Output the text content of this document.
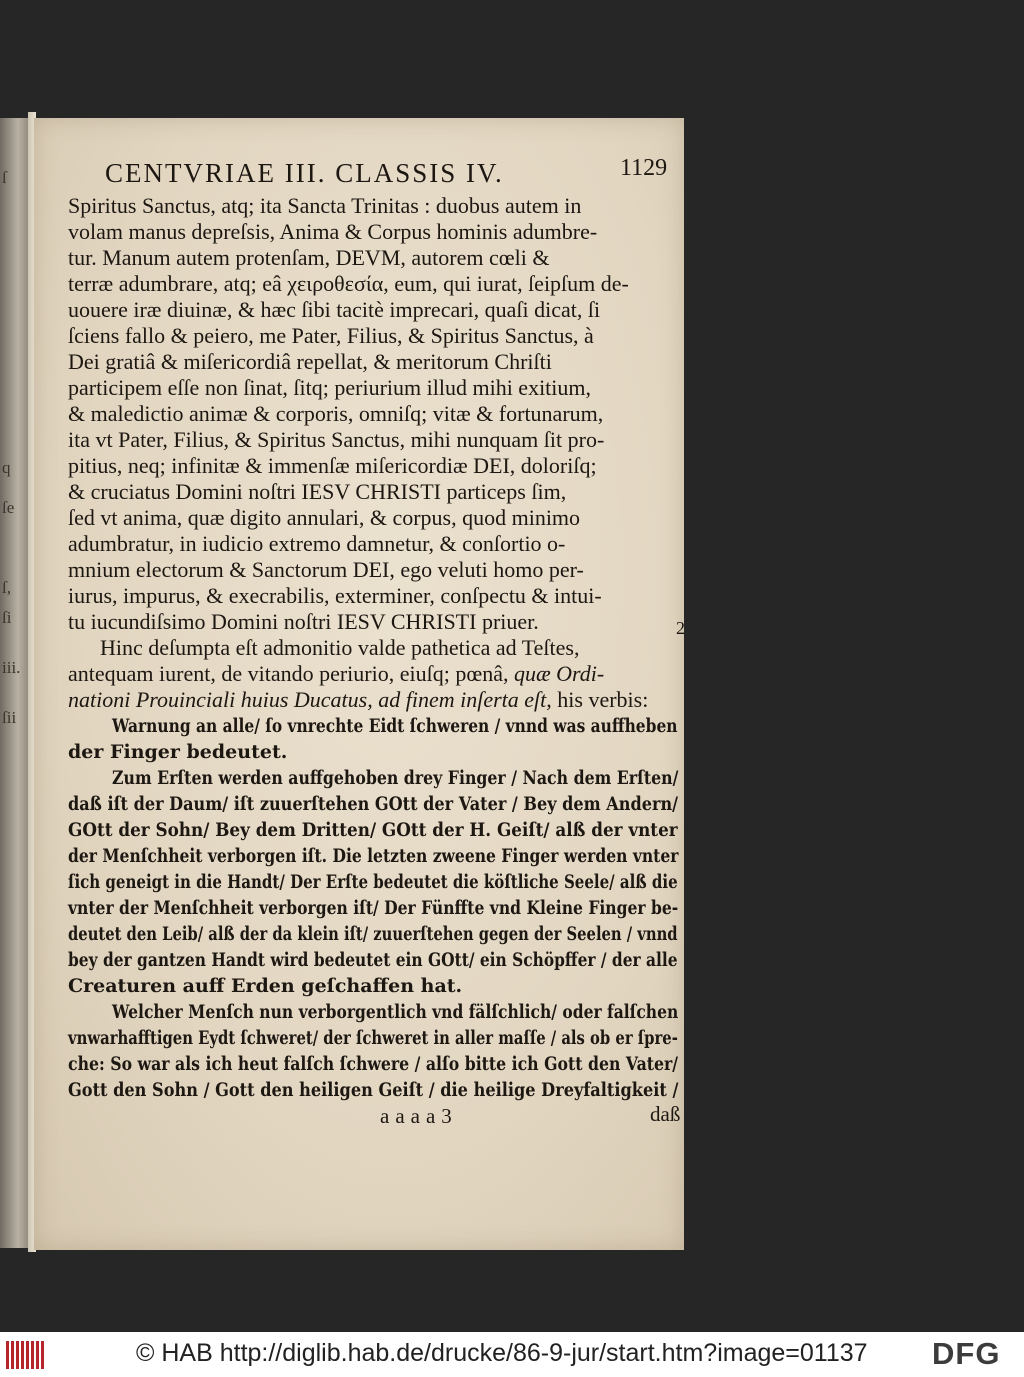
ſ
q
ſe
ſ,
ſi
iii.
ſii
CENTVRIAE III. CLASSIS IV.	1129
Spiritus Sanctus, atq; ita Sancta Trinitas : duobus autem in
volam manus depreſsis, Anima & Corpus hominis adumbre-
tur. Manum autem protenſam, DEVM, autorem cœli &
terræ adumbrare, atq; eâ χειροθεσία, eum, qui iurat, ſeipſum de-
uouere iræ diuinæ, & hæc ſibi tacitè imprecari, quaſi dicat, ſi
ſciens fallo & peiero, me Pater, Filius, & Spiritus Sanctus, à
Dei gratiâ & miſericordiâ repellat, & meritorum Chriſti
participem eſſe non ſinat, ſitq; periurium illud mihi exitium,
& maledictio animæ & corporis, omniſq; vitæ & fortunarum,
ita vt Pater, Filius, & Spiritus Sanctus, mihi nunquam ſit pro-
pitius, neq; infinitæ & immenſæ miſericordiæ DEI, doloriſq;
& cruciatus Domini noſtri IESV CHRISTI particeps ſim,
ſed vt anima, quæ digito annulari, & corpus, quod minimo
adumbratur, in iudicio extremo damnetur, & conſortio o-
mnium electorum & Sanctorum DEI, ego veluti homo per-
iurus, impurus, & execrabilis, exterminer, conſpectu & intui-
tu iucundiſsimo Domini noſtri IESV CHRISTI priuer.
Hinc deſumpta eſt admonitio valde pathetica ad Teſtes,
2
antequam iurent, de vitando periurio, eiuſq; pœnâ, quæ Ordi-
nationi Prouinciali huius Ducatus, ad finem inſerta eſt, his verbis:
Warnung an alle/ ſo vnrechte Eidt ſchweren / vnnd was auffheben
der Finger bedeutet.
Zum Erſten werden auffgehoben drey Finger / Nach dem Erſten/
daß iſt der Daum/ iſt zuuerſtehen GOtt der Vater / Bey dem Andern/
GOtt der Sohn/ Bey dem Dritten/ GOtt der H. Geiſt/ alß der vnter
der Menſchheit verborgen iſt. Die letzten zweene Finger werden vnter
ſich geneigt in die Handt/ Der Erſte bedeutet die köſtliche Seele/ alß die
vnter der Menſchheit verborgen iſt/ Der Fünffte vnd Kleine Finger be-
deutet den Leib/ alß der da klein iſt/ zuuerſtehen gegen der Seelen / vnnd
bey der gantzen Handt wird bedeutet ein GOtt/ ein Schöpffer / der alle
Creaturen auff Erden geſchaffen hat.
Welcher Menſch nun verborgentlich vnd fälſchlich/ oder falſchen
vnwarhafftigen Eydt ſchweret/ der ſchweret in aller maſſe / als ob er ſpre-
che: So war als ich heut falſch ſchwere / alſo bitte ich Gott den Vater/
Gott den Sohn / Gott den heiligen Geiſt / die heilige Dreyfaltigkeit /
aaaa3	daß
© HAB http://diglib.hab.de/drucke/86-9-jur/start.htm?image=01137 DFG
